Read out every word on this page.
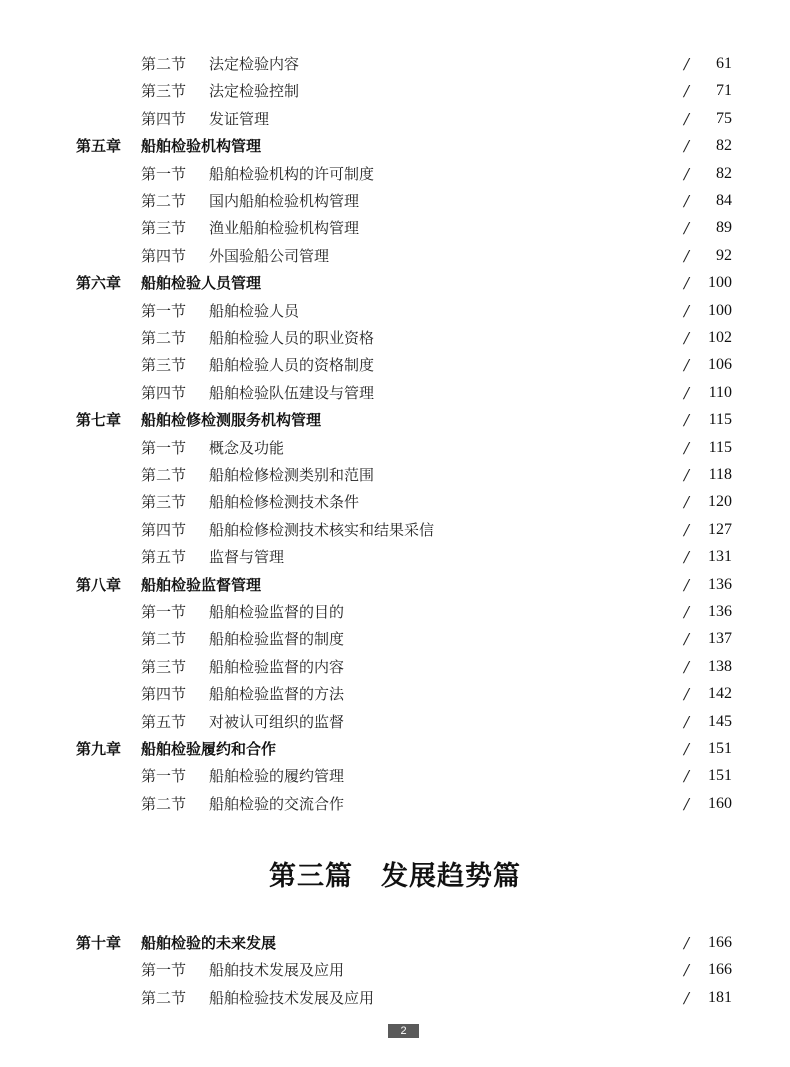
第二节 法定检验内容	/ 61
第三节 法定检验控制	/ 71
第四节 发证管理	/ 75
第五章 船舶检验机构管理	/ 82
第一节 船舶检验机构的许可制度	/ 82
第二节 国内船舶检验机构管理	/ 84
第三节 渔业船舶检验机构管理	/ 89
第四节 外国验船公司管理	/ 92
第六章 船舶检验人员管理	/ 100
第一节 船舶检验人员	/ 100
第二节 船舶检验人员的职业资格	/ 102
第三节 船舶检验人员的资格制度	/ 106
第四节 船舶检验队伍建设与管理	/ 110
第七章 船舶检修检测服务机构管理	/ 115
第一节 概念及功能	/ 115
第二节 船舶检修检测类别和范围	/ 118
第三节 船舶检修检测技术条件	/ 120
第四节 船舶检修检测技术核实和结果采信	/ 127
第五节 监督与管理	/ 131
第八章 船舶检验监督管理	/ 136
第一节 船舶检验监督的目的	/ 136
第二节 船舶检验监督的制度	/ 137
第三节 船舶检验监督的内容	/ 138
第四节 船舶检验监督的方法	/ 142
第五节 对被认可组织的监督	/ 145
第九章 船舶检验履约和合作	/ 151
第一节 船舶检验的履约管理	/ 151
第二节 船舶检验的交流合作	/ 160
第三篇 发展趋势篇
第十章 船舶检验的未来发展	/ 166
第一节 船舶技术发展及应用	/ 166
第二节 船舶检验技术发展及应用	/ 181
2
